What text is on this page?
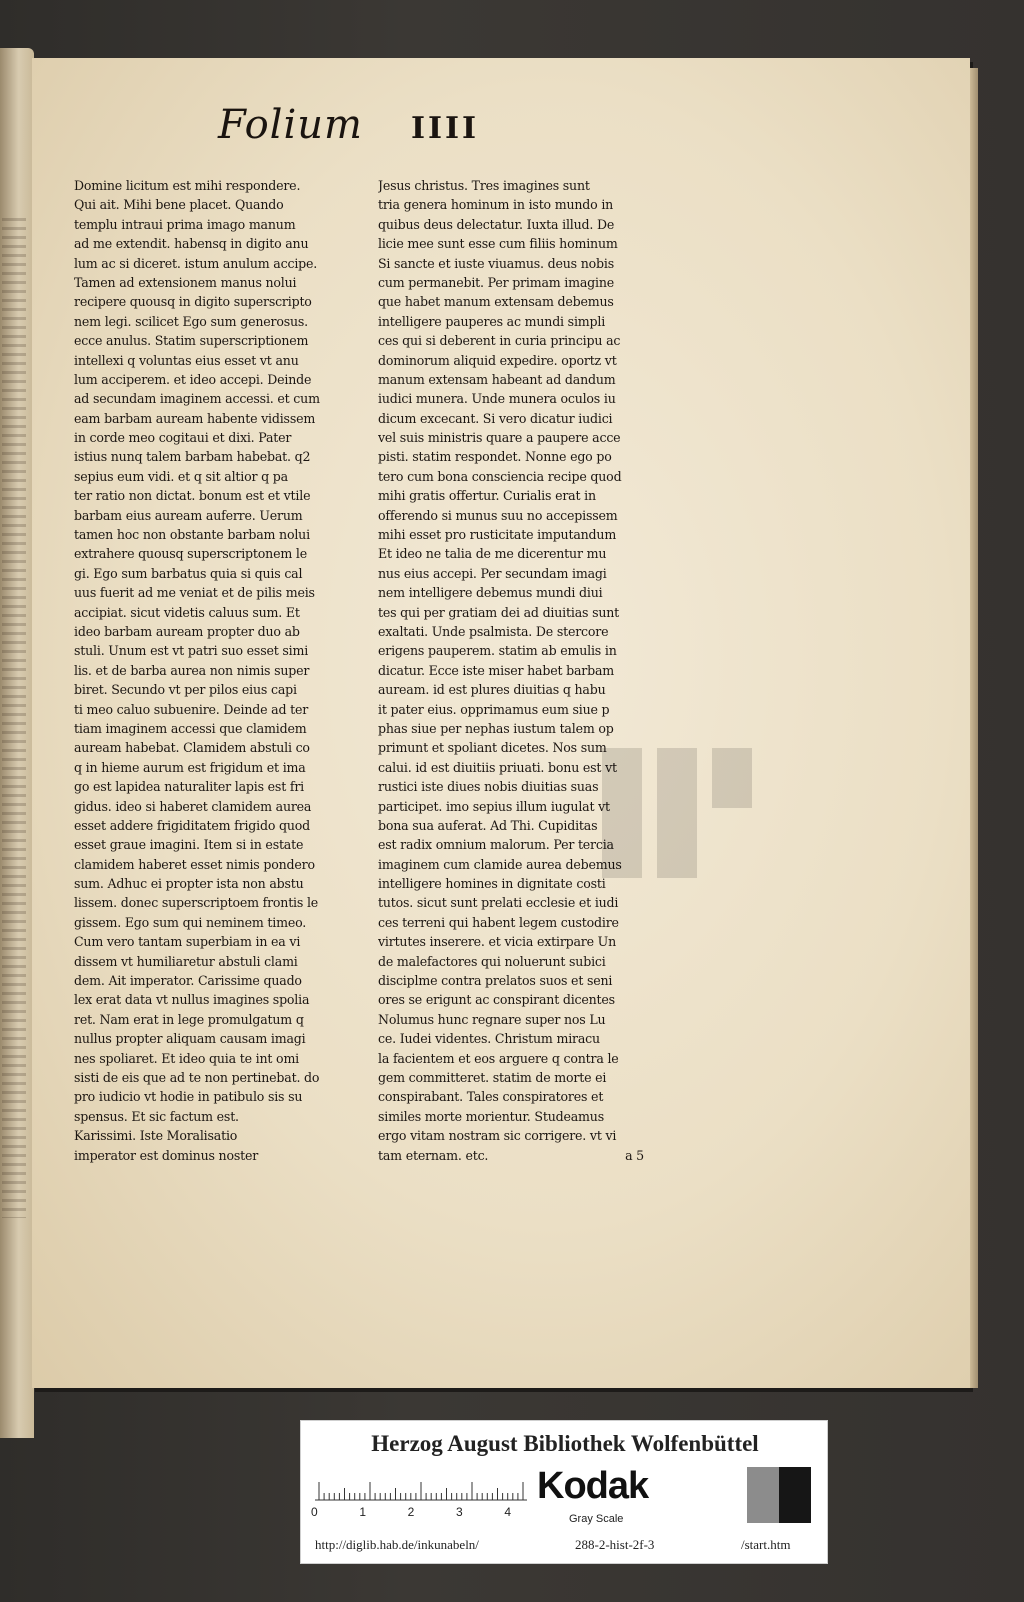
Folium IIII
Domine licitum est mihi respondere.
Qui ait. Mihi bene placet. Quando
templu intraui prima imago manum
ad me extendit. habensq in digito anu
lum ac si diceret. istum anulum accipe.
Tamen ad extensionem manus nolui
recipere quousq in digito superscripto
nem legi. scilicet Ego sum generosus.
ecce anulus. Statim superscriptionem
intellexi q voluntas eius esset vt anu
lum acciperem. et ideo accepi. Deinde
ad secundam imaginem accessi. et cum
eam barbam auream habente vidissem
in corde meo cogitaui et dixi. Pater
istius nunq talem barbam habebat. q2
sepius eum vidi. et q sit altior q pa
ter ratio non dictat. bonum est et vtile
barbam eius auream auferre. Uerum
tamen hoc non obstante barbam nolui
extrahere quousq superscriptonem le
gi. Ego sum barbatus quia si quis cal
uus fuerit ad me veniat et de pilis meis
accipiat. sicut videtis caluus sum. Et
ideo barbam auream propter duo ab
stuli. Unum est vt patri suo esset simi
lis. et de barba aurea non nimis super
biret. Secundo vt per pilos eius capi
ti meo caluo subuenire. Deinde ad ter
tiam imaginem accessi que clamidem
auream habebat. Clamidem abstuli co
q in hieme aurum est frigidum et ima
go est lapidea naturaliter lapis est fri
gidus. ideo si haberet clamidem aurea
esset addere frigiditatem frigido quod
esset graue imagini. Item si in estate
clamidem haberet esset nimis pondero
sum. Adhuc ei propter ista non abstu
lissem. donec superscriptoem frontis le
gissem. Ego sum qui neminem timeo.
Cum vero tantam superbiam in ea vi
dissem vt humiliaretur abstuli clami
dem. Ait imperator. Carissime quado
lex erat data vt nullus imagines spolia
ret. Nam erat in lege promulgatum q
nullus propter aliquam causam imagi
nes spoliaret. Et ideo quia te int omi
sisti de eis que ad te non pertinebat. do
pro iudicio vt hodie in patibulo sis su
spensus. Et sic factum est.
Karissimi. Iste Moralisatio
imperator est dominus noster
Jesus christus. Tres imagines sunt
tria genera hominum in isto mundo in
quibus deus delectatur. Iuxta illud. De
licie mee sunt esse cum filiis hominum
Si sancte et iuste viuamus. deus nobis
cum permanebit. Per primam imagine
que habet manum extensam debemus
intelligere pauperes ac mundi simpli
ces qui si deberent in curia principu ac
dominorum aliquid expedire. oportz vt
manum extensam habeant ad dandum
iudici munera. Unde munera oculos iu
dicum excecant. Si vero dicatur iudici
vel suis ministris quare a paupere acce
pisti. statim respondet. Nonne ego po
tero cum bona consciencia recipe quod
mihi gratis offertur. Curialis erat in
offerendo si munus suu no accepissem
mihi esset pro rusticitate imputandum
Et ideo ne talia de me dicerentur mu
nus eius accepi. Per secundam imagi
nem intelligere debemus mundi diui
tes qui per gratiam dei ad diuitias sunt
exaltati. Unde psalmista. De stercore
erigens pauperem. statim ab emulis in
dicatur. Ecce iste miser habet barbam
auream. id est plures diuitias q habu
it pater eius. opprimamus eum siue p
phas siue per nephas iustum talem op
primunt et spoliant dicetes. Nos sum
calui. id est diuitiis priuati. bonu est vt
rustici iste diues nobis diuitias suas
participet. imo sepius illum iugulat vt
bona sua auferat. Ad Thi. Cupiditas
est radix omnium malorum. Per tercia
imaginem cum clamide aurea debemus
intelligere homines in dignitate costi
tutos. sicut sunt prelati ecclesie et iudi
ces terreni qui habent legem custodire
virtutes inserere. et vicia extirpare Un
de malefactores qui noluerunt subici
disciplme contra prelatos suos et seni
ores se erigunt ac conspirant dicentes
Nolumus hunc regnare super nos Lu
ce. Iudei videntes. Christum miracu
la facientem et eos arguere q contra le
gem committeret. statim de morte ei
conspirabant. Tales conspiratores et
similes morte morientur. Studeamus
ergo vitam nostram sic corrigere. vt vi
tam eternam. etc.	a 5
Herzog August Bibliothek Wolfenbüttel
0	1	2	3	4
Kodak
Gray Scale
http://diglib.hab.de/inkunabeln/	288-2-hist-2f-3	/start.htm
